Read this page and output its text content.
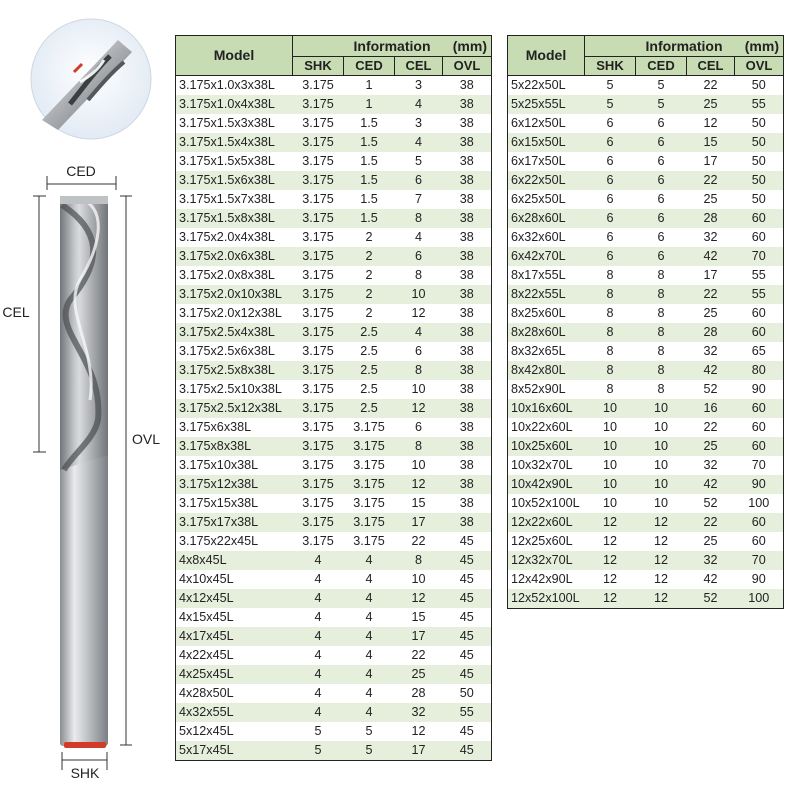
CED
CEL
OVL
SHK
Model	Information (mm)			

	SHK	CED	CEL	OVL
3.175x1.0x3x38L	3.175	1	3	38
3.175x1.0x4x38L	3.175	1	4	38
3.175x1.5x3x38L	3.175	1.5	3	38
3.175x1.5x4x38L	3.175	1.5	4	38
3.175x1.5x5x38L	3.175	1.5	5	38
3.175x1.5x6x38L	3.175	1.5	6	38
3.175x1.5x7x38L	3.175	1.5	7	38
3.175x1.5x8x38L	3.175	1.5	8	38
3.175x2.0x4x38L	3.175	2	4	38
3.175x2.0x6x38L	3.175	2	6	38
3.175x2.0x8x38L	3.175	2	8	38
3.175x2.0x10x38L	3.175	2	10	38
3.175x2.0x12x38L	3.175	2	12	38
3.175x2.5x4x38L	3.175	2.5	4	38
3.175x2.5x6x38L	3.175	2.5	6	38
3.175x2.5x8x38L	3.175	2.5	8	38
3.175x2.5x10x38L	3.175	2.5	10	38
3.175x2.5x12x38L	3.175	2.5	12	38
3.175x6x38L	3.175	3.175	6	38
3.175x8x38L	3.175	3.175	8	38
3.175x10x38L	3.175	3.175	10	38
3.175x12x38L	3.175	3.175	12	38
3.175x15x38L	3.175	3.175	15	38
3.175x17x38L	3.175	3.175	17	38
3.175x22x45L	3.175	3.175	22	45
4x8x45L	4	4	8	45
4x10x45L	4	4	10	45
4x12x45L	4	4	12	45
4x15x45L	4	4	15	45
4x17x45L	4	4	17	45
4x22x45L	4	4	22	45
4x25x45L	4	4	25	45
4x28x50L	4	4	28	50
4x32x55L	4	4	32	55
5x12x45L	5	5	12	45
5x17x45L	5	5	17	45
Model	Information (mm)			

	SHK	CED	CEL	OVL
5x22x50L	5	5	22	50
5x25x55L	5	5	25	55
6x12x50L	6	6	12	50
6x15x50L	6	6	15	50
6x17x50L	6	6	17	50
6x22x50L	6	6	22	50
6x25x50L	6	6	25	50
6x28x60L	6	6	28	60
6x32x60L	6	6	32	60
6x42x70L	6	6	42	70
8x17x55L	8	8	17	55
8x22x55L	8	8	22	55
8x25x60L	8	8	25	60
8x28x60L	8	8	28	60
8x32x65L	8	8	32	65
8x42x80L	8	8	42	80
8x52x90L	8	8	52	90
10x16x60L	10	10	16	60
10x22x60L	10	10	22	60
10x25x60L	10	10	25	60
10x32x70L	10	10	32	70
10x42x90L	10	10	42	90
10x52x100L	10	10	52	100
12x22x60L	12	12	22	60
12x25x60L	12	12	25	60
12x32x70L	12	12	32	70
12x42x90L	12	12	42	90
12x52x100L	12	12	52	100
